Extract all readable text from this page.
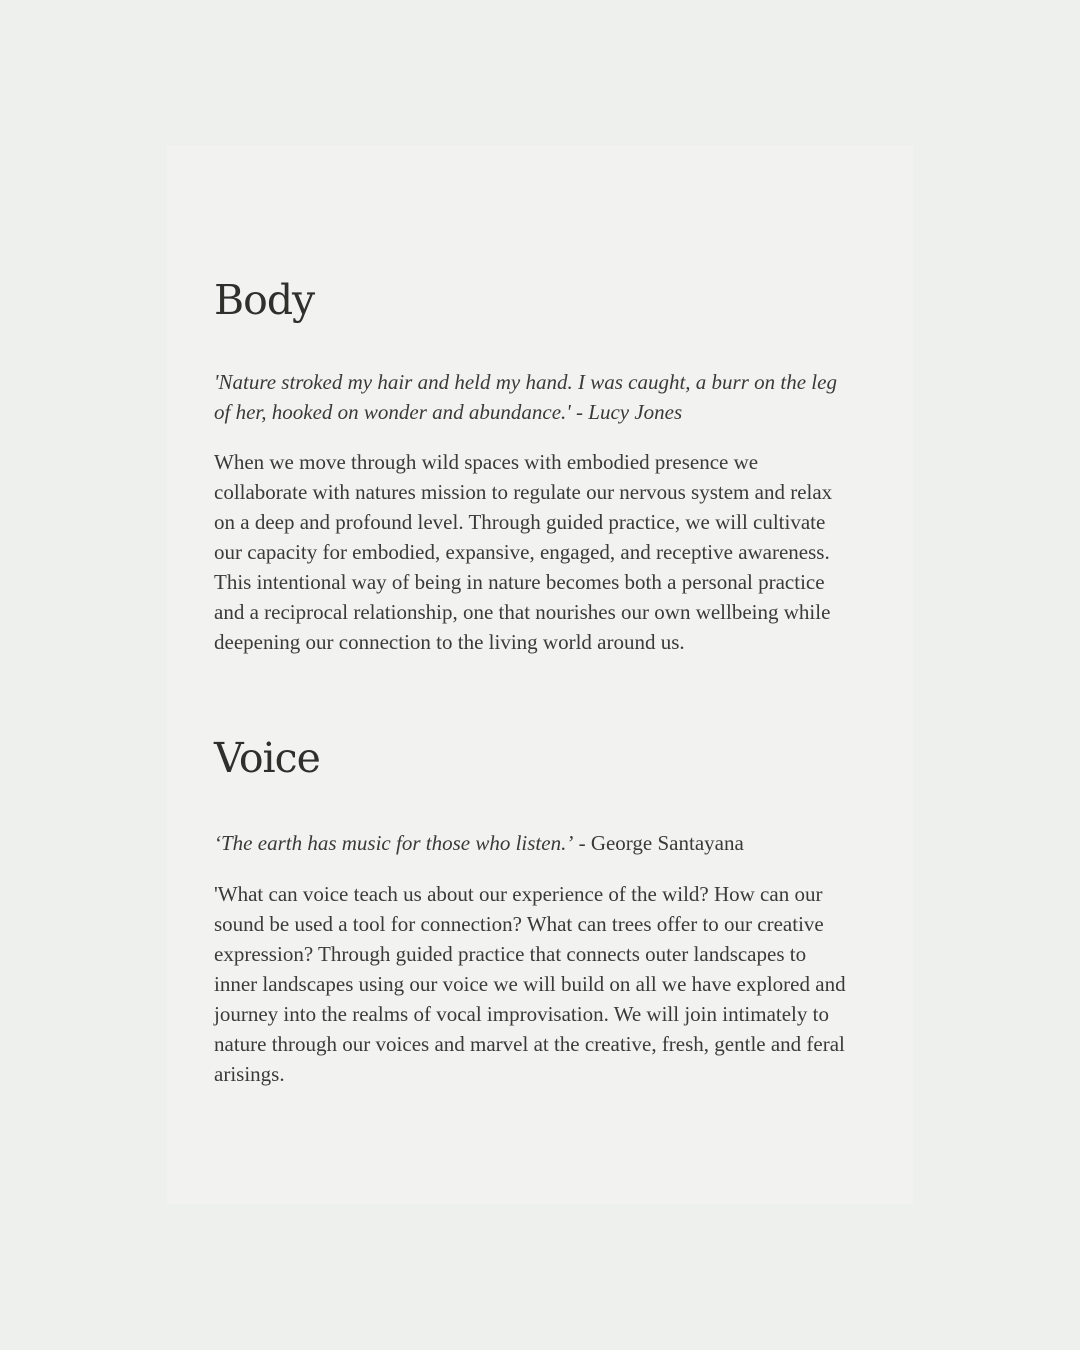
Body

'Nature stroked my hair and held my hand. I was caught, a burr on the leg of her, hooked on wonder and abundance.' - Lucy Jones

When we move through wild spaces with embodied presence we collaborate with natures mission to regulate our nervous system and relax on a deep and profound level. Through guided practice, we will cultivate our capacity for embodied, expansive, engaged, and receptive awareness. This intentional way of being in nature becomes both a personal practice and a reciprocal relationship, one that nourishes our own wellbeing while deepening our connection to the living world around us.

Voice

‘The earth has music for those who listen.’ - George Santayana

'What can voice teach us about our experience of the wild? How can our sound be used a tool for connection? What can trees offer to our creative expression? Through guided practice that connects outer landscapes to inner landscapes using our voice we will build on all we have explored and journey into the realms of vocal improvisation. We will join intimately to nature through our voices and marvel at the creative, fresh, gentle and feral arisings.
